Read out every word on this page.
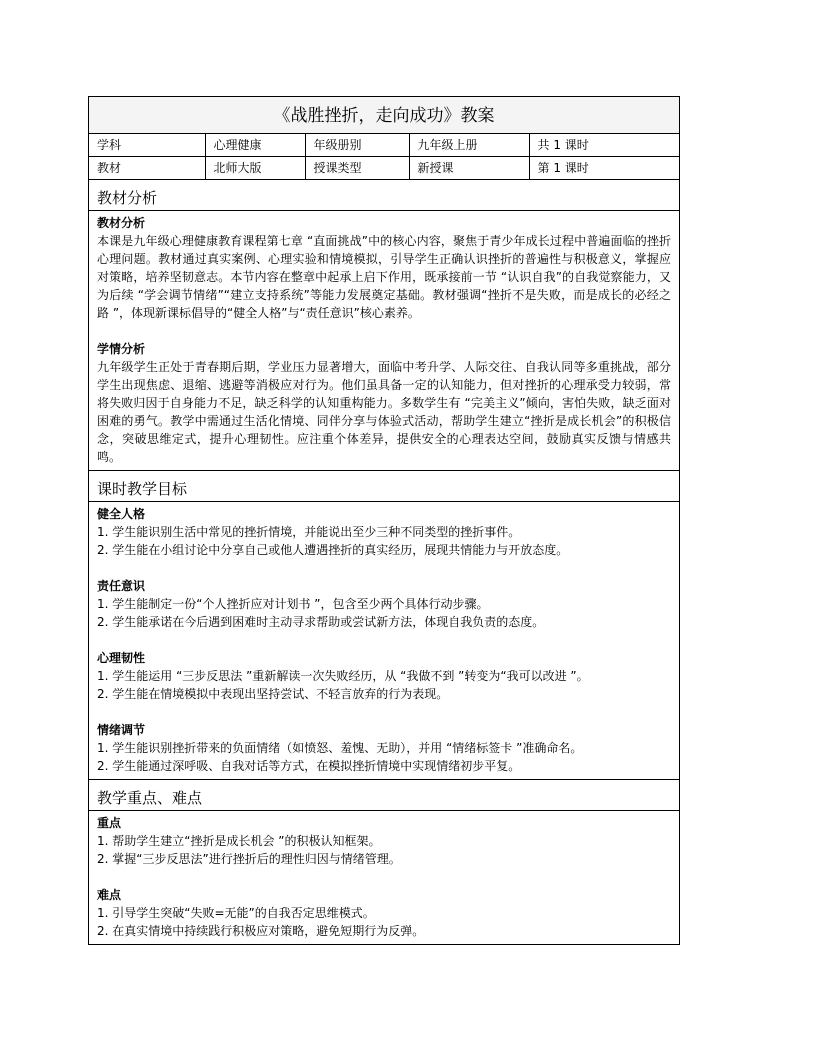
《战胜挫折，走向成功》教案
学科	心理健康	年级册别	九年级上册	共 1 课时
教材	北师大版	授课类型	新授课	第 1 课时
教材分析
教材分析

本课是九年级心理健康教育课程第七章 “直面挑战”中的核心内容，聚焦于青少年成长过程中普遍面临的挫折心理问题。教材通过真实案例、心理实验和情境模拟，引导学生正确认识挫折的普遍性与积极意义，掌握应对策略，培养坚韧意志。本节内容在整章中起承上启下作用，既承接前一节 “认识自我”的自我觉察能力，又为后续 “学会调节情绪”“建立支持系统”等能力发展奠定基础。教材强调“挫折不是失败，而是成长的必经之路 ”，体现新课标倡导的“健全人格”与“责任意识”核心素养。

学情分析

九年级学生正处于青春期后期，学业压力显著增大，面临中考升学、人际交往、自我认同等多重挑战，部分学生出现焦虑、退缩、逃避等消极应对行为。他们虽具备一定的认知能力，但对挫折的心理承受力较弱，常将失败归因于自身能力不足，缺乏科学的认知重构能力。多数学生有 “完美主义”倾向，害怕失败，缺乏面对困难的勇气。教学中需通过生活化情境、同伴分享与体验式活动，帮助学生建立“挫折是成长机会”的积极信念，突破思维定式，提升心理韧性。应注重个体差异，提供安全的心理表达空间，鼓励真实反馈与情感共鸣。

课时教学目标
健全人格
1. 学生能识别生活中常见的挫折情境，并能说出至少三种不同类型的挫折事件。
2. 学生能在小组讨论中分享自己或他人遭遇挫折的真实经历，展现共情能力与开放态度。
责任意识
1. 学生能制定一份“个人挫折应对计划书 ”，包含至少两个具体行动步骤。
2. 学生能承诺在今后遇到困难时主动寻求帮助或尝试新方法，体现自我负责的态度。
心理韧性
1. 学生能运用 “三步反思法 ”重新解读一次失败经历，从 “我做不到 ”转变为“我可以改进 ”。
2. 学生能在情境模拟中表现出坚持尝试、不轻言放弃的行为表现。
情绪调节
1. 学生能识别挫折带来的负面情绪（如愤怒、羞愧、无助），并用 “情绪标签卡 ”准确命名。
2. 学生能通过深呼吸、自我对话等方式，在模拟挫折情境中实现情绪初步平复。
教学重点、难点
重点
1. 帮助学生建立“挫折是成长机会 ”的积极认知框架。
2. 掌握“三步反思法”进行挫折后的理性归因与情绪管理。
难点
1. 引导学生突破“失败=无能”的自我否定思维模式。
2. 在真实情境中持续践行积极应对策略，避免短期行为反弹。
